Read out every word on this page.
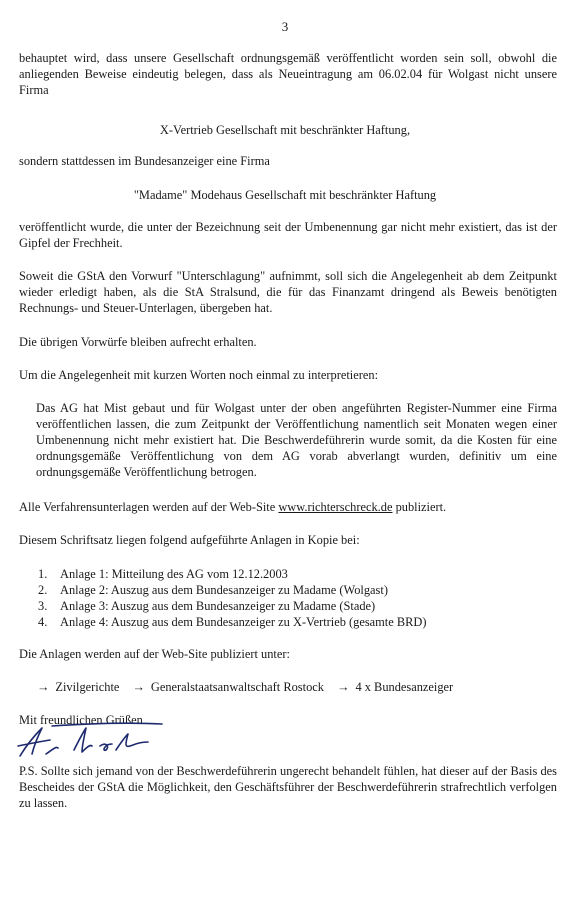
3

behauptet wird, dass unsere Gesellschaft ordnungsgemäß veröffentlicht worden sein soll, obwohl die anliegenden Beweise eindeutig belegen, dass als Neueintragung am 06.02.04 für Wolgast nicht unsere Firma

X-Vertrieb Gesellschaft mit beschränkter Haftung,

sondern stattdessen im Bundesanzeiger eine Firma

"Madame" Modehaus Gesellschaft mit beschränkter Haftung

veröffentlicht wurde, die unter der Bezeichnung seit der Umbenennung gar nicht mehr existiert, das ist der Gipfel der Frechheit.

Soweit die GStA den Vorwurf "Unterschlagung" aufnimmt, soll sich die Angelegenheit ab dem Zeitpunkt wieder erledigt haben, als die StA Stralsund, die für das Finanzamt dringend als Beweis benötigten Rechnungs- und Steuer-Unterlagen, übergeben hat.

Die übrigen Vorwürfe bleiben aufrecht erhalten.

Um die Angelegenheit mit kurzen Worten noch einmal zu interpretieren:

Das AG hat Mist gebaut und für Wolgast unter der oben angeführten Register-Nummer eine Firma veröffentlichen lassen, die zum Zeitpunkt der Veröffentlichung namentlich seit Monaten wegen einer Umbenennung nicht mehr existiert hat. Die Beschwerdeführerin wurde somit, da die Kosten für eine ordnungsgemäße Veröffentlichung von dem AG vorab abverlangt wurden, definitiv um eine ordnungsgemäße Veröffentlichung betrogen.

Alle Verfahrensunterlagen werden auf der Web-Site www.richterschreck.de publiziert.

Diesem Schriftsatz liegen folgend aufgeführte Anlagen in Kopie bei:

1. Anlage 1: Mitteilung des AG vom 12.12.2003
2. Anlage 2: Auszug aus dem Bundesanzeiger zu Madame (Wolgast)
3. Anlage 3: Auszug aus dem Bundesanzeiger zu Madame (Stade)
4. Anlage 4: Auszug aus dem Bundesanzeiger zu X-Vertrieb (gesamte BRD)

Die Anlagen werden auf der Web-Site publiziert unter:

→ Zivilgerichte → Generalstaatsanwaltschaft Rostock → 4 x Bundesanzeiger
Mit freundlichen Grüßen

P.S. Sollte sich jemand von der Beschwerdeführerin ungerecht behandelt fühlen, hat dieser auf der Basis des Bescheides der GStA die Möglichkeit, den Geschäftsführer der Beschwerdeführerin strafrechtlich verfolgen zu lassen.
